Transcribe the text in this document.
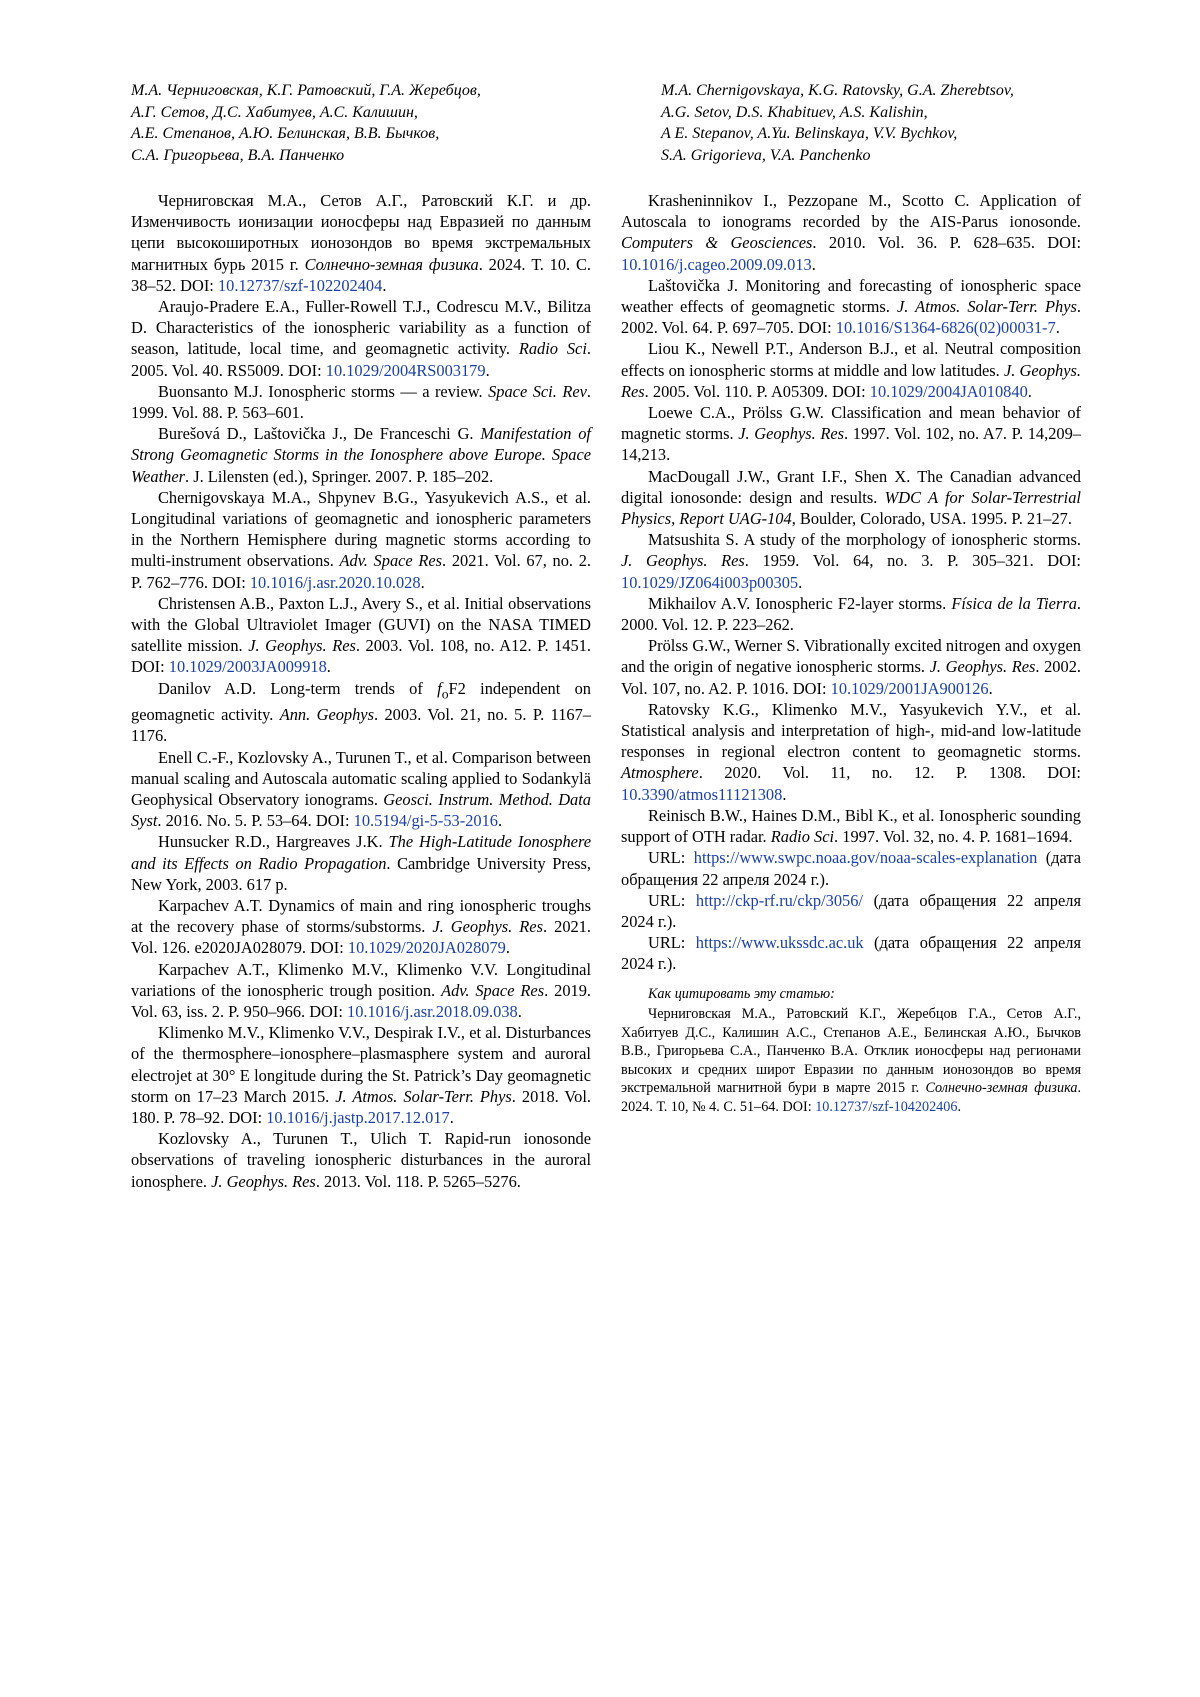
М.А. Черниговская, К.Г. Ратовский, Г.А. Жеребцов,
А.Г. Сетов, Д.С. Хабитуев, А.С. Калишин,
А.Е. Степанов, А.Ю. Белинская, В.В. Бычков,
С.А. Григорьева, В.А. Панченко
M.A. Chernigovskaya, K.G. Ratovsky, G.A. Zherebtsov,
A.G. Setov, D.S. Khabituev, A.S. Kalishin,
A E. Stepanov, A.Yu. Belinskaya, V.V. Bychkov,
S.A. Grigorieva, V.A. Panchenko

Черниговская М.А., Сетов А.Г., Ратовский К.Г. и др. Изменчивость ионизации ионосферы над Евразией по данным цепи высокоширотных ионозондов во время экстремальных магнитных бурь 2015 г. Солнечно-земная физика. 2024. Т. 10. С. 38–52. DOI: 10.12737/szf-102202404.

Araujo-Pradere E.A., Fuller-Rowell T.J., Codrescu M.V., Bilitza D. Characteristics of the ionospheric variability as a function of season, latitude, local time, and geomagnetic activity. Radio Sci. 2005. Vol. 40. RS5009. DOI: 10.1029/2004RS003179.

Buonsanto M.J. Ionospheric storms — a review. Space Sci. Rev. 1999. Vol. 88. P. 563–601.

Burešová D., Laštovička J., De Franceschi G. Manifestation of Strong Geomagnetic Storms in the Ionosphere above Europe. Space Weather. J. Lilensten (ed.), Springer. 2007. P. 185–202.

Chernigovskaya M.A., Shpynev B.G., Yasyukevich A.S., et al. Longitudinal variations of geomagnetic and ionospheric parameters in the Northern Hemisphere during magnetic storms according to multi-instrument observations. Adv. Space Res. 2021. Vol. 67, no. 2. P. 762–776. DOI: 10.1016/j.asr.2020.10.028.

Christensen A.B., Paxton L.J., Avery S., et al. Initial observations with the Global Ultraviolet Imager (GUVI) on the NASA TIMED satellite mission. J. Geophys. Res. 2003. Vol. 108, no. A12. P. 1451. DOI: 10.1029/2003JA009918.

Danilov A.D. Long-term trends of $f_oF2$ independent on geomagnetic activity. Ann. Geophys. 2003. Vol. 21, no. 5. P. 1167–1176.

Enell C.-F., Kozlovsky A., Turunen T., et al. Comparison between manual scaling and Autoscala automatic scaling applied to Sodankylä Geophysical Observatory ionograms. Geosci. Instrum. Method. Data Syst. 2016. No. 5. P. 53–64. DOI: 10.5194/gi-5-53-2016.

Hunsucker R.D., Hargreaves J.K. The High-Latitude Ionosphere and its Effects on Radio Propagation. Cambridge University Press, New York, 2003. 617 p.

Karpachev A.T. Dynamics of main and ring ionospheric troughs at the recovery phase of storms/substorms. J. Geophys. Res. 2021. Vol. 126. e2020JA028079. DOI: 10.1029/2020JA028079.

Karpachev A.T., Klimenko M.V., Klimenko V.V. Longitudinal variations of the ionospheric trough position. Adv. Space Res. 2019. Vol. 63, iss. 2. P. 950–966. DOI: 10.1016/j.asr.2018.09.038.

Klimenko M.V., Klimenko V.V., Despirak I.V., et al. Disturbances of the thermosphere–ionosphere–plasmasphere system and auroral electrojet at 30° E longitude during the St. Patrick’s Day geomagnetic storm on 17–23 March 2015. J. Atmos. Solar-Terr. Phys. 2018. Vol. 180. P. 78–92. DOI: 10.1016/j.jastp.2017.12.017.

Kozlovsky A., Turunen T., Ulich T. Rapid-run ionosonde observations of traveling ionospheric disturbances in the auroral ionosphere. J. Geophys. Res. 2013. Vol. 118. P. 5265–5276.

Krasheninnikov I., Pezzopane M., Scotto C. Application of Autoscala to ionograms recorded by the AIS-Parus ionosonde. Computers & Geosciences. 2010. Vol. 36. P. 628–635. DOI: 10.1016/j.cageo.2009.09.013.

Laštovička J. Monitoring and forecasting of ionospheric space weather effects of geomagnetic storms. J. Atmos. Solar-Terr. Phys. 2002. Vol. 64. P. 697–705. DOI: 10.1016/S1364-6826(02)00031-7.

Liou K., Newell P.T., Anderson B.J., et al. Neutral composition effects on ionospheric storms at middle and low latitudes. J. Geophys. Res. 2005. Vol. 110. P. A05309. DOI: 10.1029/2004JA010840.

Loewe C.A., Prölss G.W. Classification and mean behavior of magnetic storms. J. Geophys. Res. 1997. Vol. 102, no. A7. P. 14,209–14,213.

MacDougall J.W., Grant I.F., Shen X. The Canadian advanced digital ionosonde: design and results. WDC A for Solar-Terrestrial Physics, Report UAG-104, Boulder, Colorado, USA. 1995. P. 21–27.

Matsushita S. A study of the morphology of ionospheric storms. J. Geophys. Res. 1959. Vol. 64, no. 3. P. 305–321. DOI: 10.1029/JZ064i003p00305.

Mikhailov A.V. Ionospheric F2-layer storms. Física de la Tierra. 2000. Vol. 12. P. 223–262.

Prölss G.W., Werner S. Vibrationally excited nitrogen and oxygen and the origin of negative ionospheric storms. J. Geophys. Res. 2002. Vol. 107, no. A2. P. 1016. DOI: 10.1029/2001JA900126.

Ratovsky K.G., Klimenko M.V., Yasyukevich Y.V., et al. Statistical analysis and interpretation of high-, mid-and low-latitude responses in regional electron content to geomagnetic storms. Atmosphere. 2020. Vol. 11, no. 12. P. 1308. DOI: 10.3390/atmos11121308.

Reinisch B.W., Haines D.M., Bibl K., et al. Ionospheric sounding support of OTH radar. Radio Sci. 1997. Vol. 32, no. 4. P. 1681–1694.

URL: https://www.swpc.noaa.gov/noaa-scales-explanation (дата обращения 22 апреля 2024 г.).

URL: http://ckp-rf.ru/ckp/3056/ (дата обращения 22 апреля 2024 г.).

URL: https://www.ukssdc.ac.uk (дата обращения 22 апреля 2024 г.).

Как цитировать эту статью:

Черниговская М.А., Ратовский К.Г., Жеребцов Г.А., Сетов А.Г., Хабитуев Д.С., Калишин А.С., Степанов А.Е., Белинская А.Ю., Бычков В.В., Григорьева С.А., Панченко В.А. Отклик ионосферы над регионами высоких и средних широт Евразии по данным ионозондов во время экстремальной магнитной бури в марте 2015 г. Солнечно-земная физика. 2024. Т. 10, № 4. С. 51–64. DOI: 10.12737/szf-104202406.
